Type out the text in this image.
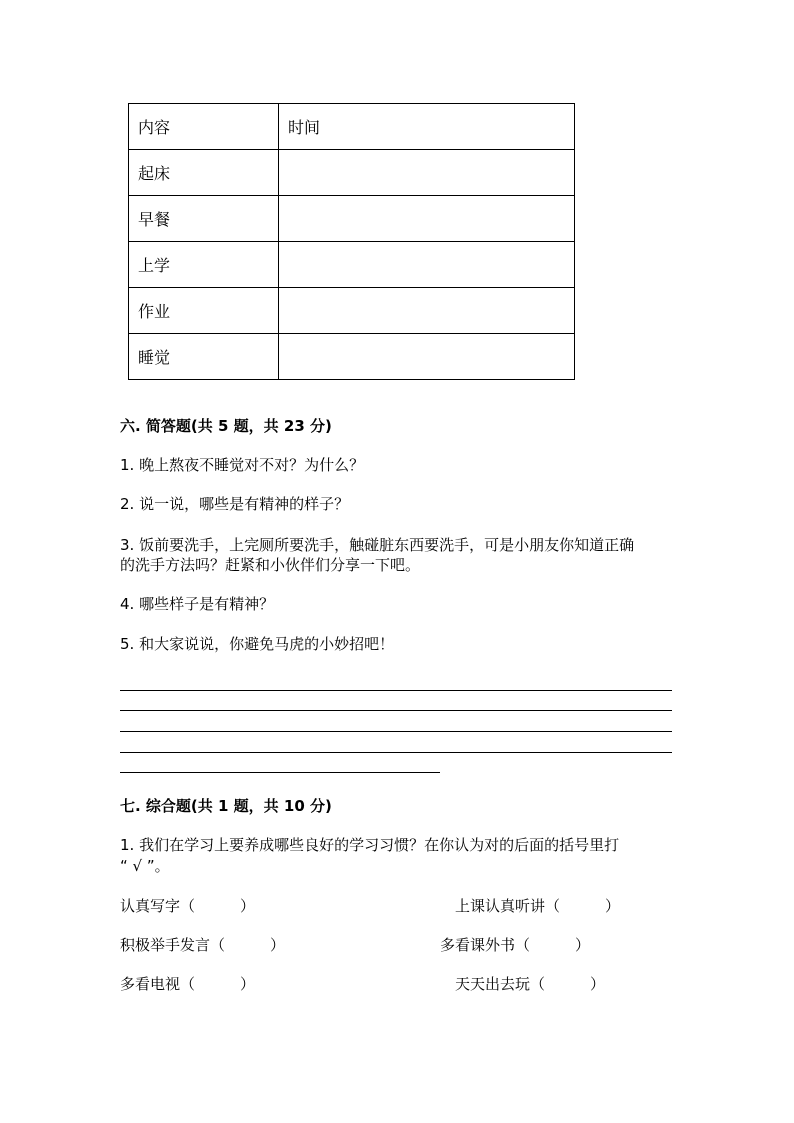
内容	时间
起床	
早餐	
上学	
作业	
睡觉	
六. 简答题(共 5 题，共 23 分)
1. 晚上熬夜不睡觉对不对？为什么？
2. 说一说，哪些是有精神的样子？
3. 饭前要洗手，上完厕所要洗手，触碰脏东西要洗手，可是小朋友你知道正确
的洗手方法吗？赶紧和小伙伴们分享一下吧。
4. 哪些样子是有精神？
5. 和大家说说，你避免马虎的小妙招吧！
七. 综合题(共 1 题，共 10 分)
1. 我们在学习上要养成哪些良好的学习习惯？在你认为对的后面的括号里打
“ √ ”。
认真写字（　　　）	上课认真听讲（　　　）
积极举手发言（　　　）	多看课外书（　　　）
多看电视（　　　）	天天出去玩（　　　）
